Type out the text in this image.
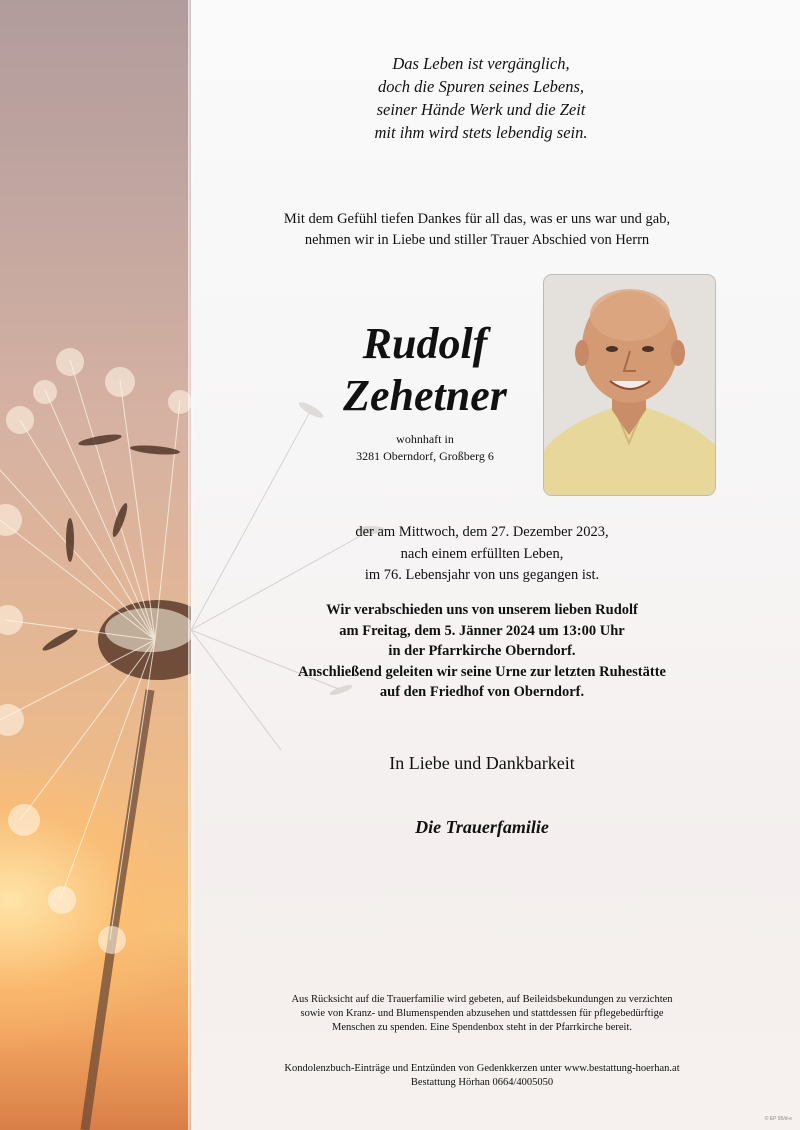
Das Leben ist vergänglich,
doch die Spuren seines Lebens,
seiner Hände Werk und die Zeit
mit ihm wird stets lebendig sein.
Mit dem Gefühl tiefen Dankes für all das, was er uns war und gab,
nehmen wir in Liebe und stiller Trauer Abschied von Herrn
Rudolf
Zehetner
wohnhaft in
3281 Oberndorf, Großberg 6
der am Mittwoch, dem 27. Dezember 2023,
nach einem erfüllten Leben,
im 76. Lebensjahr von uns gegangen ist.
Wir verabschieden uns von unserem lieben Rudolf
am Freitag, dem 5. Jänner 2024 um 13:00 Uhr
in der Pfarrkirche Oberndorf.
Anschließend geleiten wir seine Urne zur letzten Ruhestätte
auf den Friedhof von Oberndorf.
In Liebe und Dankbarkeit
Die Trauerfamilie
Aus Rücksicht auf die Trauerfamilie wird gebeten, auf Beileidsbekundungen zu verzichten
sowie von Kranz- und Blumenspenden abzusehen und stattdessen für pflegebedürftige
Menschen zu spenden. Eine Spendenbox steht in der Pfarrkirche bereit.
Kondolenzbuch-Einträge und Entzünden von Gedenkkerzen unter www.bestattung-hoerhan.at
Bestattung Hörhan 0664/4005050
© EP 95/d-e
